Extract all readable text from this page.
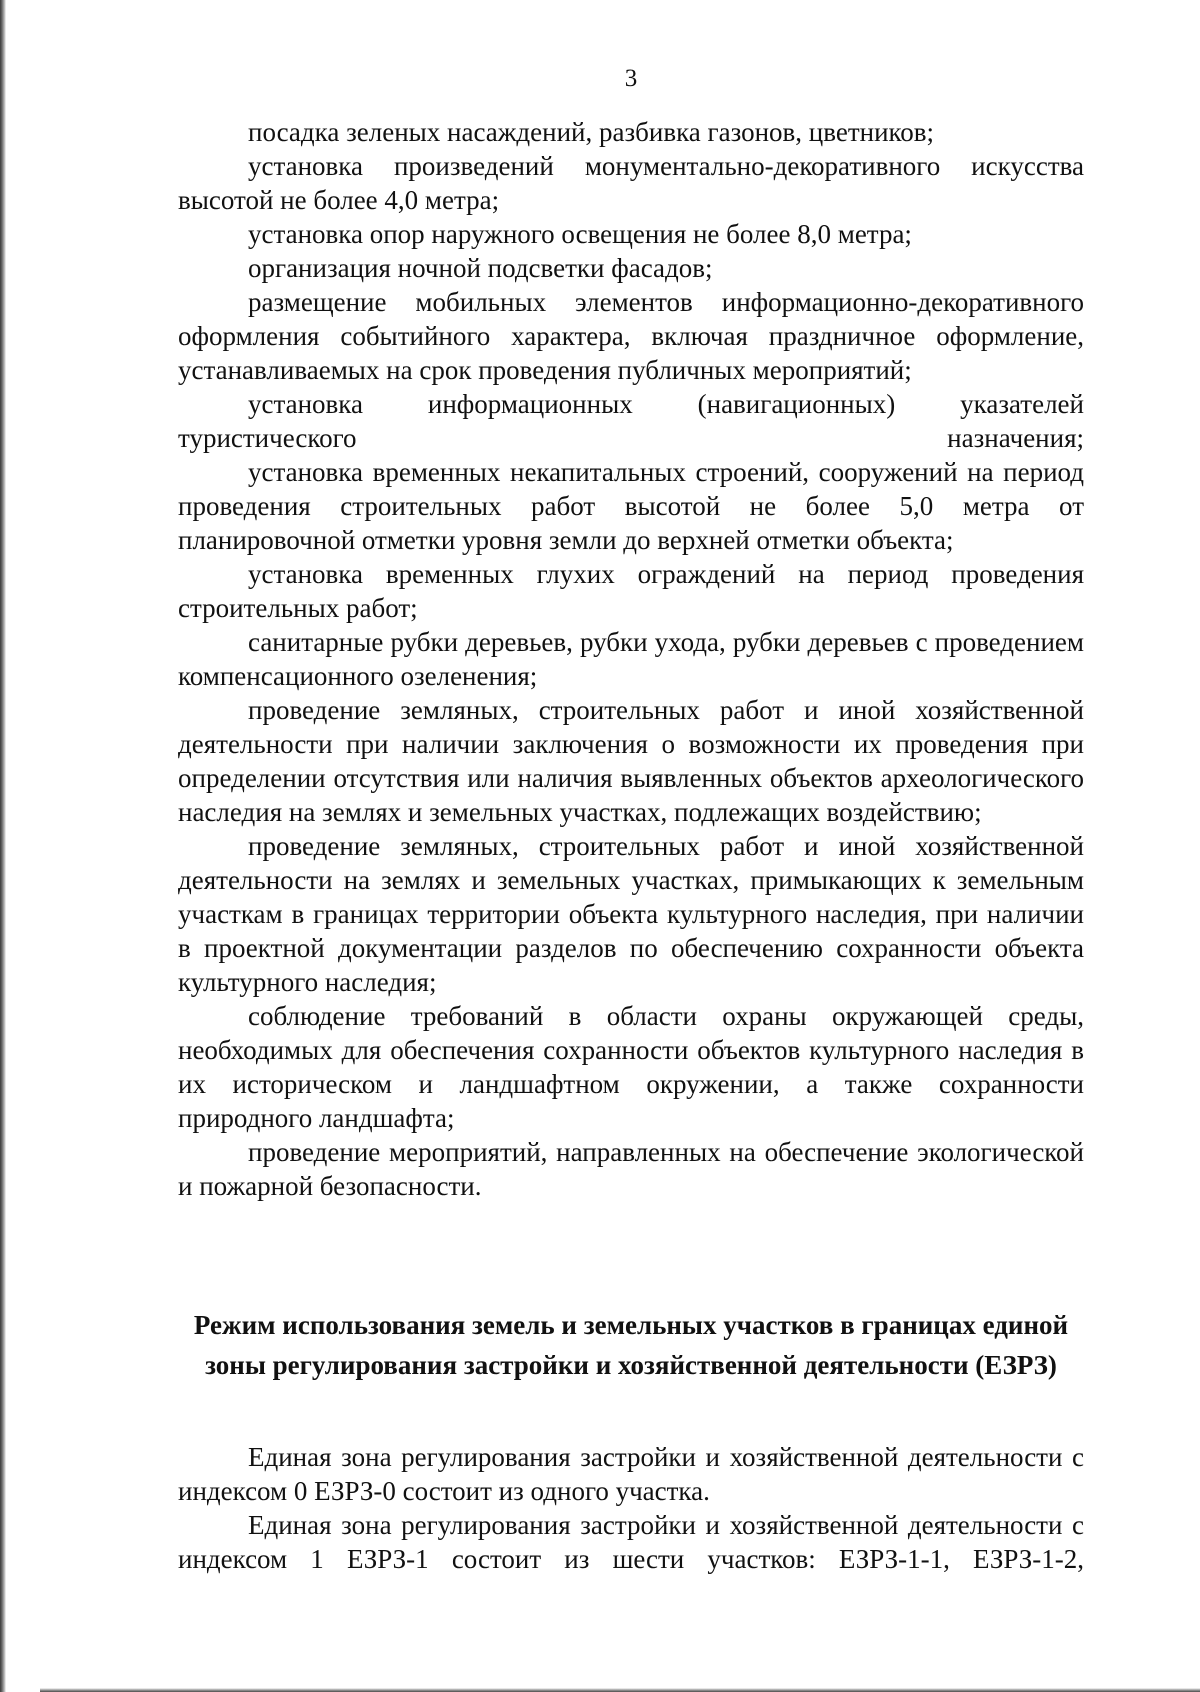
3

посадка зеленых насаждений, разбивка газонов, цветников;

установка произведений монументально-декоративного искусства высотой не более 4,0 метра;

установка опор наружного освещения не более 8,0 метра;

организация ночной подсветки фасадов;

размещение мобильных элементов информационно-декоративного оформления событийного характера, включая праздничное оформление, устанавливаемых на срок проведения публичных мероприятий;

установка информационных (навигационных) указателей туристического назначения;

установка временных некапитальных строений, сооружений на период проведения строительных работ высотой не более 5,0 метра от планировочной отметки уровня земли до верхней отметки объекта;

установка временных глухих ограждений на период проведения строительных работ;

санитарные рубки деревьев, рубки ухода, рубки деревьев с проведением компенсационного озеленения;

проведение земляных, строительных работ и иной хозяйственной деятельности при наличии заключения о возможности их проведения при определении отсутствия или наличия выявленных объектов археологического наследия на землях и земельных участках, подлежащих воздействию;

проведение земляных, строительных работ и иной хозяйственной деятельности на землях и земельных участках, примыкающих к земельным участкам в границах территории объекта культурного наследия, при наличии в проектной документации разделов по обеспечению сохранности объекта культурного наследия;

соблюдение требований в области охраны окружающей среды, необходимых для обеспечения сохранности объектов культурного наследия в их историческом и ландшафтном окружении, а также сохранности природного ландшафта;

проведение мероприятий, направленных на обеспечение экологической и пожарной безопасности.

Режим использования земель и земельных участков в границах единой зоны регулирования застройки и хозяйственной деятельности (ЕЗРЗ)

Единая зона регулирования застройки и хозяйственной деятельности с индексом 0 ЕЗРЗ-0 состоит из одного участка.

Единая зона регулирования застройки и хозяйственной деятельности с индексом 1 ЕЗРЗ-1 состоит из шести участков: ЕЗРЗ-1-1, ЕЗРЗ-1-2,
